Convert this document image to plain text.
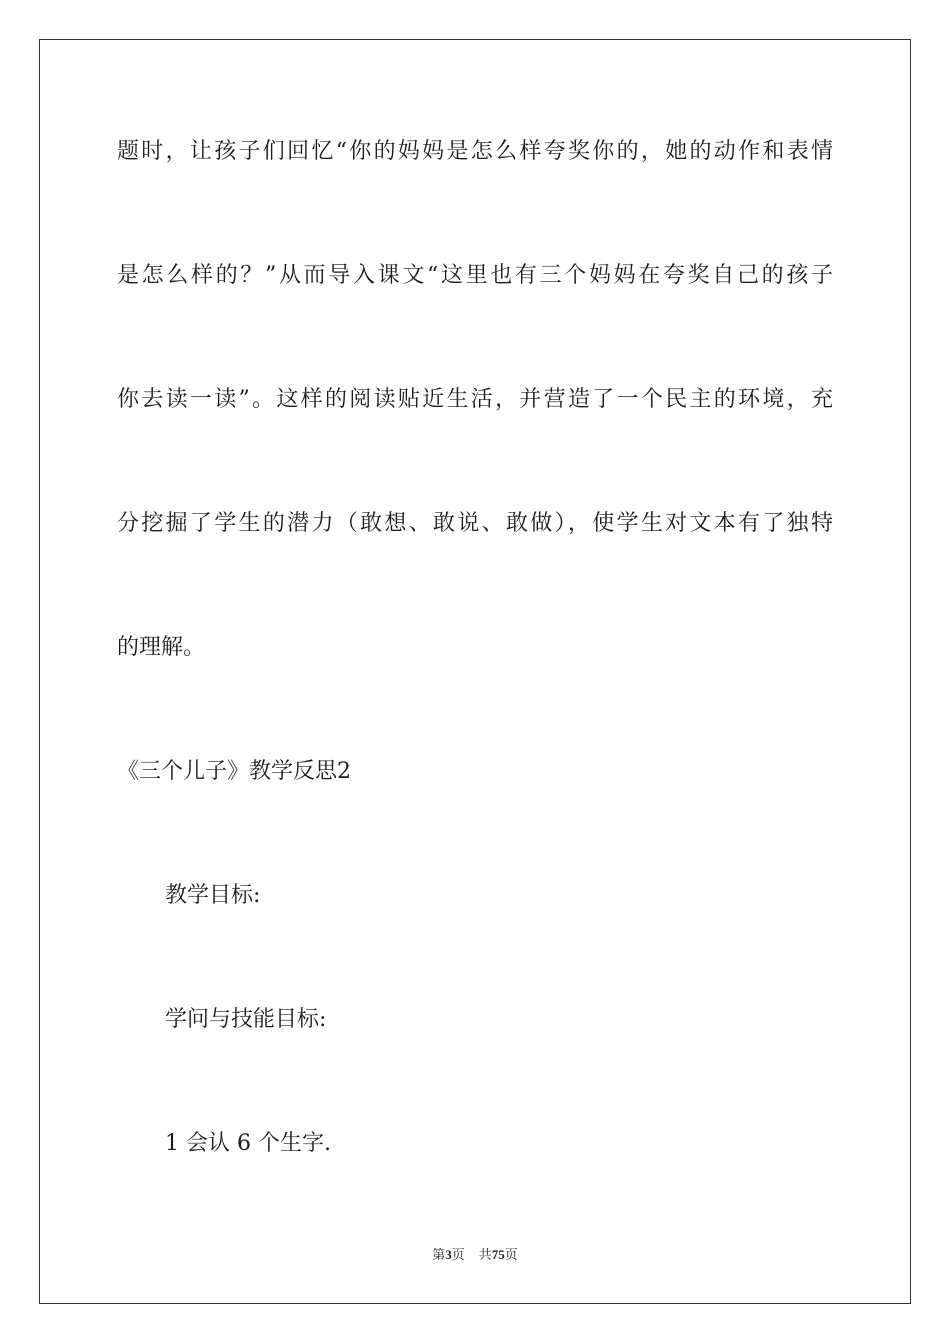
题时，让孩子们回忆“你的妈妈是怎么样夸奖你的，她的动作和表情
是怎么样的？”从而导入课文“这里也有三个妈妈在夸奖自己的孩子
你去读一读”。这样的阅读贴近生活，并营造了一个民主的环境，充
分挖掘了学生的潜力（敢想、敢说、敢做），使学生对文本有了独特
的理解。
《三个儿子》教学反思2
教学目标:
学问与技能目标:
1 会认 6 个生字.
第3页 共75页
